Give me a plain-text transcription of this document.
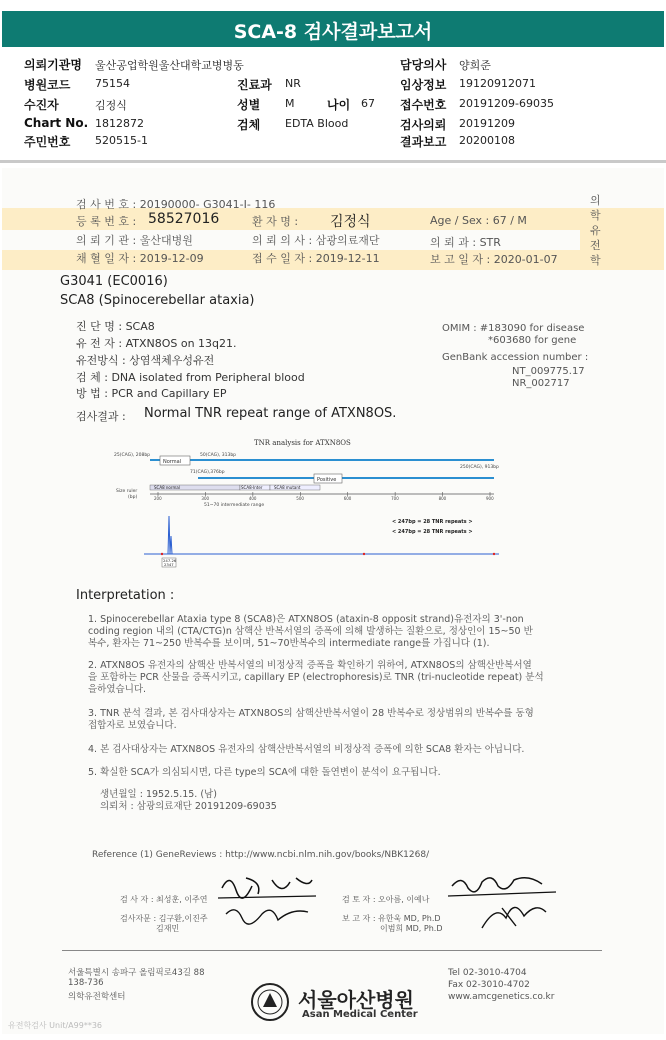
SCA-8 검사결과보고서
의뢰기관명 울산공업학원울산대학교병병동
병원코드 75154
수진자	김정식
Chart No. 1812872
주민번호 520515-1
진료과 NR
성별 M	나이 67
검체 EDTA Blood
담당의사 양희준
임상정보 19120912071
접수번호 20191209-69035
검사의뢰 20191209
결과보고 20200108
검 사 번 호 : 20190000- G3041-I- 116
등 록 번 호 : 58527016	환 자 명 : 김정식	Age / Sex : 67 / M
의 뢰 기 관 : 울산대병원	의 뢰 의 사 : 삼광의료재단	의 뢰 과 : STR
채 혈 일 자 : 2019-12-09	접 수 일 자 : 2019-12-11	보 고 일 자 : 2020-01-07
의
학
유
전
학
G3041 (EC0016)
SCA8 (Spinocerebellar ataxia)
진 단 명 : SCA8
유 전 자 : ATXN8OS on 13q21.
유전방식 : 상염색체우성유전
검 체 : DNA isolated from Peripheral blood
방 법 : PCR and Capillary EP
OMIM : #183090 for disease
*603680 for gene
GenBank accession number :
NT_009775.17
NR_002717
검사결과 : Normal TNR repeat range of ATXN8OS.
TNR analysis for ATXN8OS
Normal
Positive
25(CAG), 208bp	50(CAG), 313bp
71(CAG),376bp
250(CAG), 913bp
Size ruler
(bp)
SCA8 normal	SCA8-Inter	SCA8 mutant
200	300	400	500	600	700	800	900
51~70 intermediate range
< 247bp = 28 TNR repeats >
< 247bp = 28 TNR repeats >
247.26
2347
Interpretation :
1. Spinocerebellar Ataxia type 8 (SCA8)은 ATXN8OS (ataxin-8 opposit strand)유전자의 3'-non
coding region 내의 (CTA/CTG)n 삼핵산 반복서열의 증폭에 의해 발생하는 질환으로, 정상인이 15~50 반
복수, 환자는 71~250 반복수를 보이며, 51~70반복수의 intermediate range를 가집니다 (1).
2. ATXN8OS 유전자의 삼핵산 반복서열의 비정상적 증폭을 확인하기 위하여, ATXN8OS의 삼핵산반복서열
을 포함하는 PCR 산물을 증폭시키고, capillary EP (electrophoresis)로 TNR (tri-nucleotide repeat) 분석
을하였습니다.
3. TNR 분석 결과, 본 검사대상자는 ATXN8OS의 삼핵산반복서열이 28 반복수로 정상범위의 반복수를 동형
접합자로 보였습니다.
4. 본 검사대상자는 ATXN8OS 유전자의 삼핵산반복서열의 비정상적 증폭에 의한 SCA8 환자는 아닙니다.
5. 확실한 SCA가 의심되시면, 다른 type의 SCA에 대한 돌연변이 분석이 요구됩니다.
생년월일 : 1952.5.15. (남)
의뢰처 : 삼광의료재단 20191209-69035
Reference (1) GeneReviews : http://www.ncbi.nlm.nih.gov/books/NBK1268/
검 사 자 : 최성훈, 이주연
검사자문 : 김구환,이진주
김재민
검 토 자 : 오아름, 이예나
보 고 자 : 유한욱 MD, Ph.D
이범희 MD, Ph.D
서울특별시 송파구 올림픽로43길 88
138-736
의학유전학센터	서울아산병원
Asan Medical Center
Tel 02-3010-4704
Fax 02-3010-4702
www.amcgenetics.co.kr
유전학검사 Unit/A99**36
